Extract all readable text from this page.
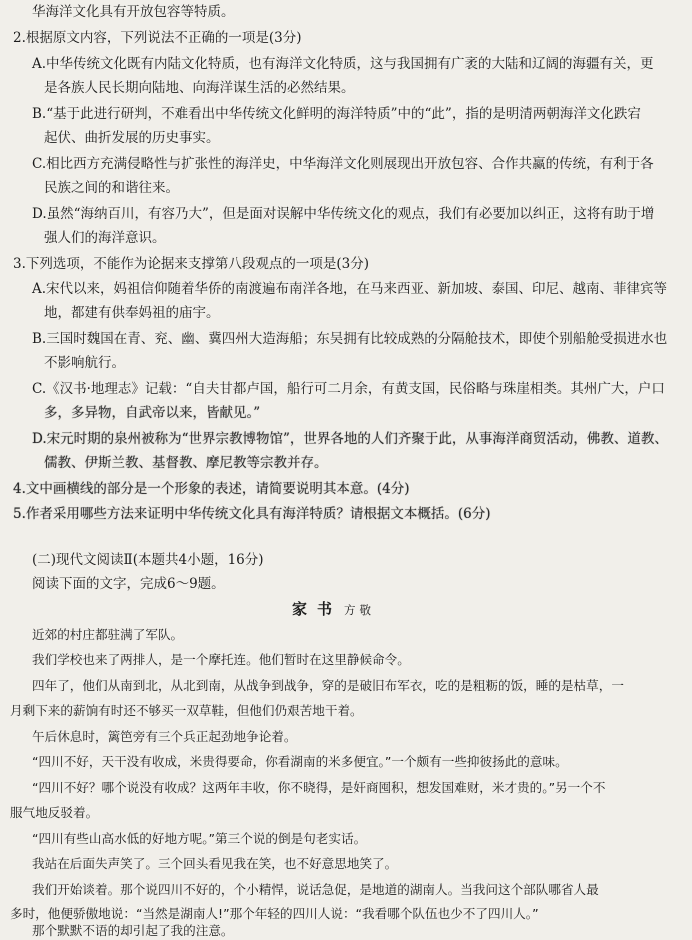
华海洋文化具有开放包容等特质。
2.根据原文内容，下列说法不正确的一项是(3分)
A.中华传统文化既有内陆文化特质，也有海洋文化特质，这与我国拥有广袤的大陆和辽阔的海疆有关，更
是各族人民长期向陆地、向海洋谋生活的必然结果。
B.“基于此进行研判，不难看出中华传统文化鲜明的海洋特质”中的“此”，指的是明清两朝海洋文化跌宕
起伏、曲折发展的历史事实。
C.相比西方充满侵略性与扩张性的海洋史，中华海洋文化则展现出开放包容、合作共赢的传统，有利于各
民族之间的和谐往来。
D.虽然“海纳百川，有容乃大”，但是面对误解中华传统文化的观点，我们有必要加以纠正，这将有助于增
强人们的海洋意识。
3.下列选项，不能作为论据来支撑第八段观点的一项是(3分)
A.宋代以来，妈祖信仰随着华侨的南渡遍布南洋各地，在马来西亚、新加坡、泰国、印尼、越南、菲律宾等
地，都建有供奉妈祖的庙宇。
B.三国时魏国在青、兖、幽、冀四州大造海船；东吴拥有比较成熟的分隔舱技术，即使个别船舱受损进水也
不影响航行。
C.《汉书·地理志》记载：“自夫甘都卢国，船行可二月余，有黄支国，民俗略与珠崖相类。其州广大，户口
多，多异物，自武帝以来，皆献见。”
D.宋元时期的泉州被称为“世界宗教博物馆”，世界各地的人们齐聚于此，从事海洋商贸活动，佛教、道教、
儒教、伊斯兰教、基督教、摩尼教等宗教并存。
4.文中画横线的部分是一个形象的表述，请简要说明其本意。(4分)
5.作者采用哪些方法来证明中华传统文化具有海洋特质？请根据文本概括。(6分)
(二)现代文阅读Ⅱ(本题共4小题，16分)
阅读下面的文字，完成6～9题。
家书 方敬
近郊的村庄都驻满了军队。
我们学校也来了两排人，是一个摩托连。他们暂时在这里静候命令。
四年了，他们从南到北，从北到南，从战争到战争，穿的是破旧布军衣，吃的是粗粝的饭，睡的是枯草，一
月剩下来的薪饷有时还不够买一双草鞋，但他们仍艰苦地干着。
午后休息时，篱笆旁有三个兵正起劲地争论着。
“四川不好，天干没有收成，米贵得要命，你看湖南的米多便宜。”一个颇有一些抑彼扬此的意味。
“四川不好？哪个说没有收成？这两年丰收，你不晓得，是奸商囤积，想发国难财，米才贵的。”另一个不
服气地反驳着。
“四川有些山高水低的好地方呢。”第三个说的倒是句老实话。
我站在后面失声笑了。三个回头看见我在笑，也不好意思地笑了。
我们开始谈着。那个说四川不好的，个小精悍，说话急促，是地道的湖南人。当我问这个部队哪省人最
多时，他便骄傲地说：“当然是湖南人!”那个年轻的四川人说：“我看哪个队伍也少不了四川人。”
那个默默不语的却引起了我的注意。
